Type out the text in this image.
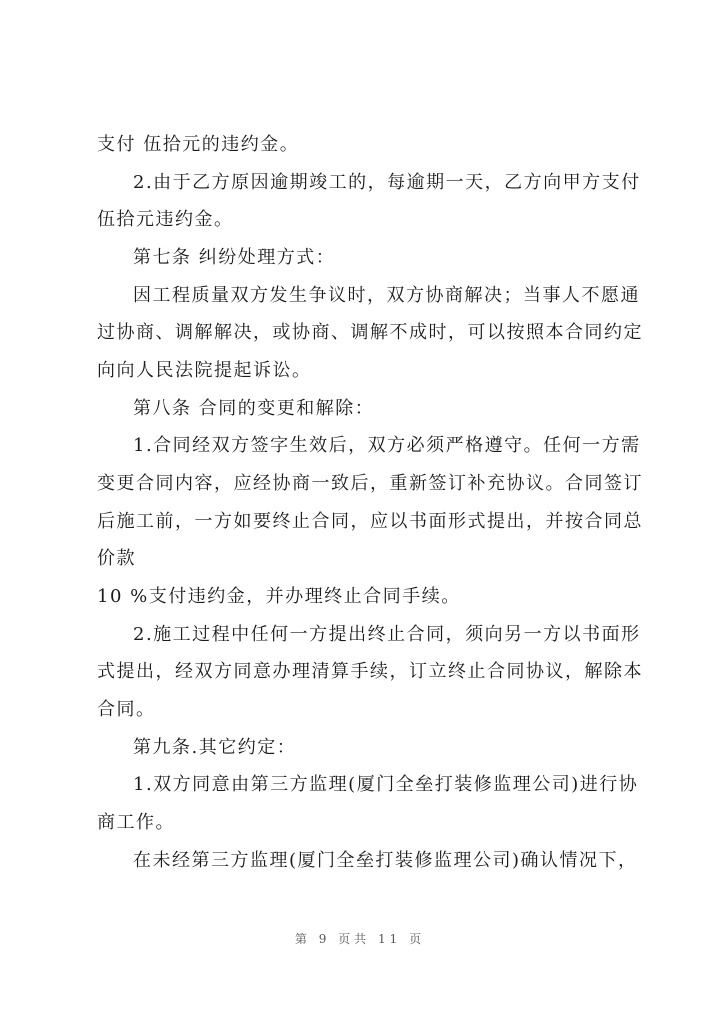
支付 伍拾元的违约金。
2.由于乙方原因逾期竣工的，每逾期一天，乙方向甲方支付
伍拾元违约金。
第七条 纠纷处理方式：
因工程质量双方发生争议时，双方协商解决；当事人不愿通
过协商、调解解决，或协商、调解不成时，可以按照本合同约定
向向人民法院提起诉讼。
第八条 合同的变更和解除：
1.合同经双方签字生效后，双方必须严格遵守。任何一方需
变更合同内容，应经协商一致后，重新签订补充协议。合同签订
后施工前，一方如要终止合同，应以书面形式提出，并按合同总
价款
10 %支付违约金，并办理终止合同手续。
2.施工过程中任何一方提出终止合同，须向另一方以书面形
式提出，经双方同意办理清算手续，订立终止合同协议，解除本
合同。
第九条.其它约定：
1.双方同意由第三方监理(厦门全垒打装修监理公司)进行协
商工作。
在未经第三方监理(厦门全垒打装修监理公司)确认情况下，
第 9 页共 11 页
